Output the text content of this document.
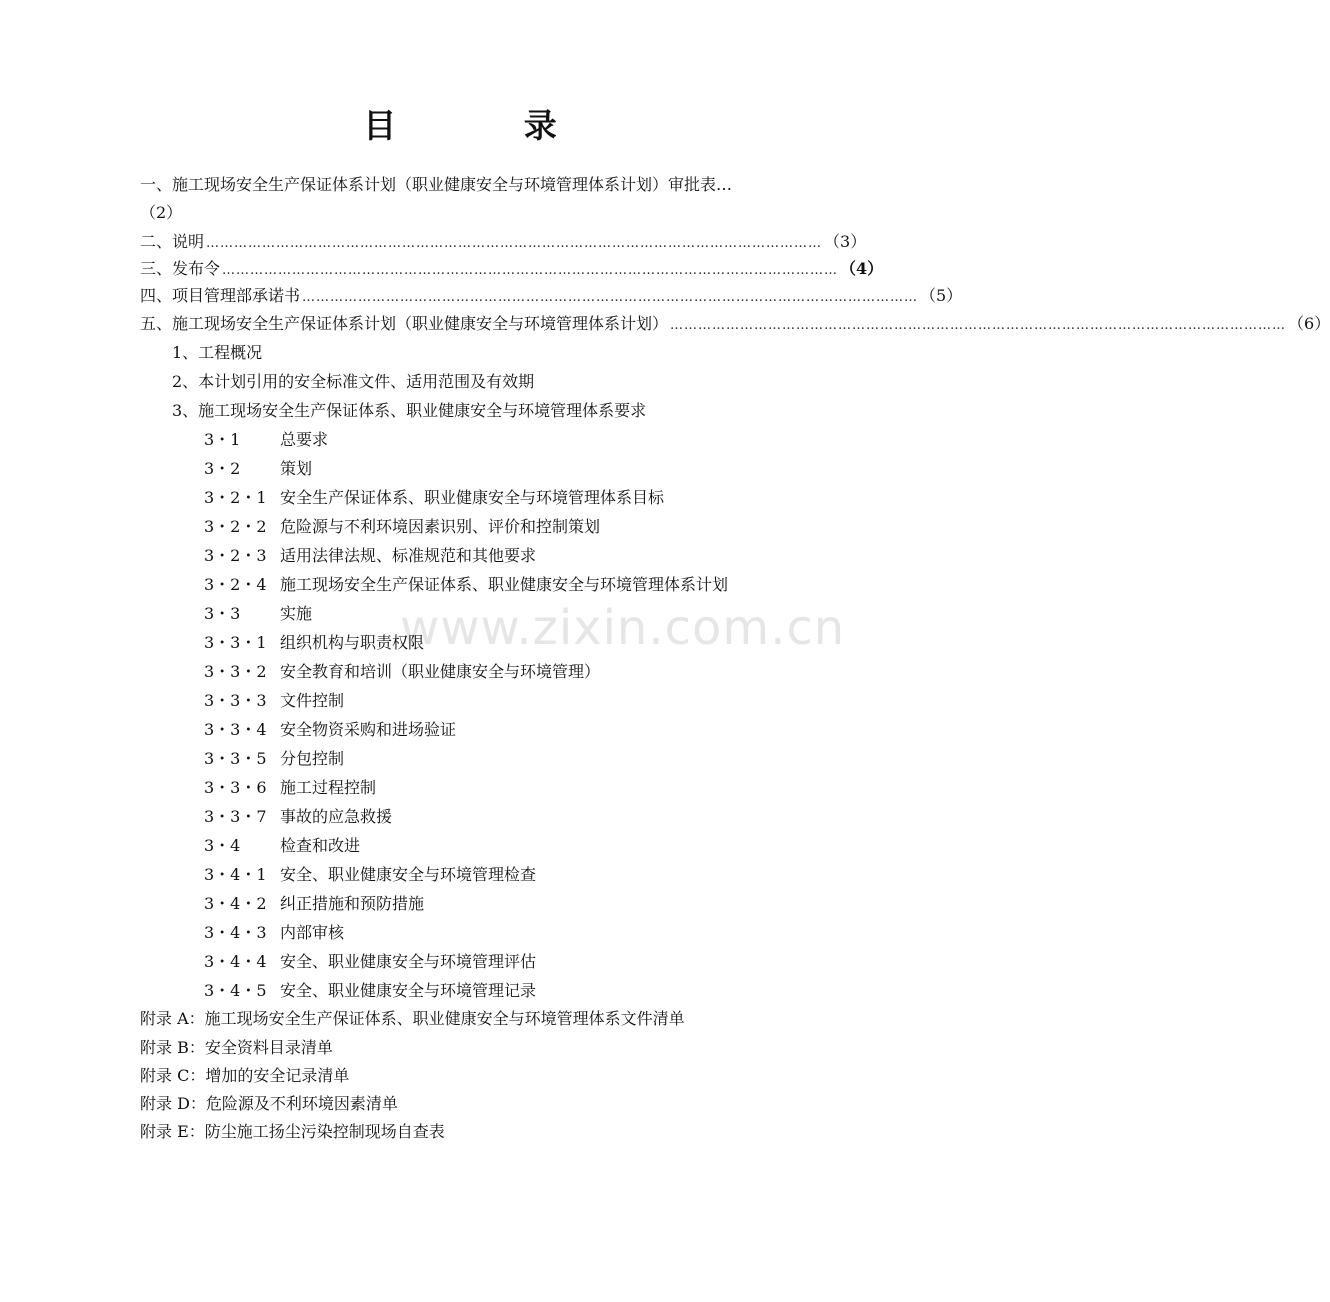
www.zixin.com.cn
目 录
一、施工现场安全生产保证体系计划（职业健康安全与环境管理体系计划）审批表…
（2）
二、说明 …………………………………………………………………………………………………………………… （3）
三、发布令 …………………………………………………………………………………………………………………… （4）
四、项目管理部承诺书 …………………………………………………………………………………………………………………… （5）
五、施工现场安全生产保证体系计划（职业健康安全与环境管理体系计划） …………………………………………………………………………………………………………………… （6）
1、工程概况
2、本计划引用的安全标准文件、适用范围及有效期
3、施工现场安全生产保证体系、职业健康安全与环境管理体系要求
3・1 总要求
3・2 策划
3・2・1 安全生产保证体系、职业健康安全与环境管理体系目标
3・2・2 危险源与不利环境因素识别、评价和控制策划
3・2・3 适用法律法规、标准规范和其他要求
3・2・4 施工现场安全生产保证体系、职业健康安全与环境管理体系计划
3・3 实施
3・3・1 组织机构与职责权限
3・3・2 安全教育和培训（职业健康安全与环境管理）
3・3・3 文件控制
3・3・4 安全物资采购和进场验证
3・3・5 分包控制
3・3・6 施工过程控制
3・3・7 事故的应急救援
3・4 检查和改进
3・4・1 安全、职业健康安全与环境管理检查
3・4・2 纠正措施和预防措施
3・4・3 内部审核
3・4・4 安全、职业健康安全与环境管理评估
3・4・5 安全、职业健康安全与环境管理记录
附录 A：施工现场安全生产保证体系、职业健康安全与环境管理体系文件清单
附录 B：安全资料目录清单
附录 C：增加的安全记录清单
附录 D：危险源及不利环境因素清单
附录 E：防尘施工扬尘污染控制现场自查表
